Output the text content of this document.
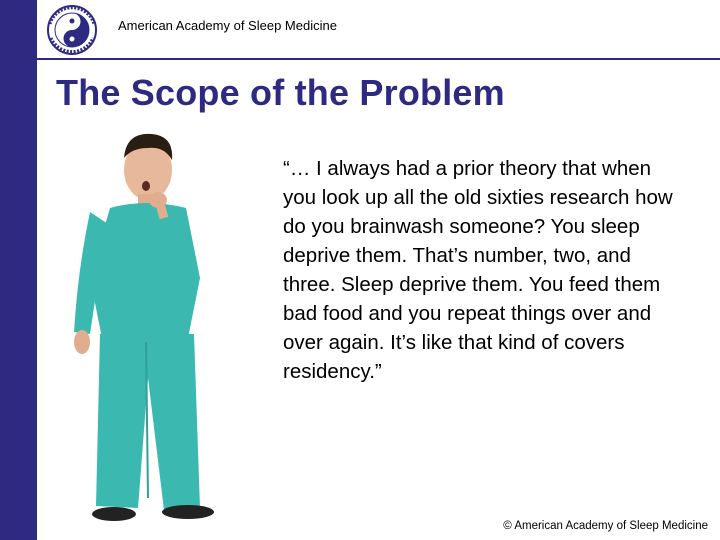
American Academy of Sleep Medicine
The Scope of the Problem

“… I always had a prior theory that when you look up all the old sixties research how do you brainwash someone? You sleep deprive them. That’s number, two, and three. Sleep deprive them. You feed them bad food and you repeat things over and over again. It’s like that kind of covers residency.”

© American Academy of Sleep Medicine
